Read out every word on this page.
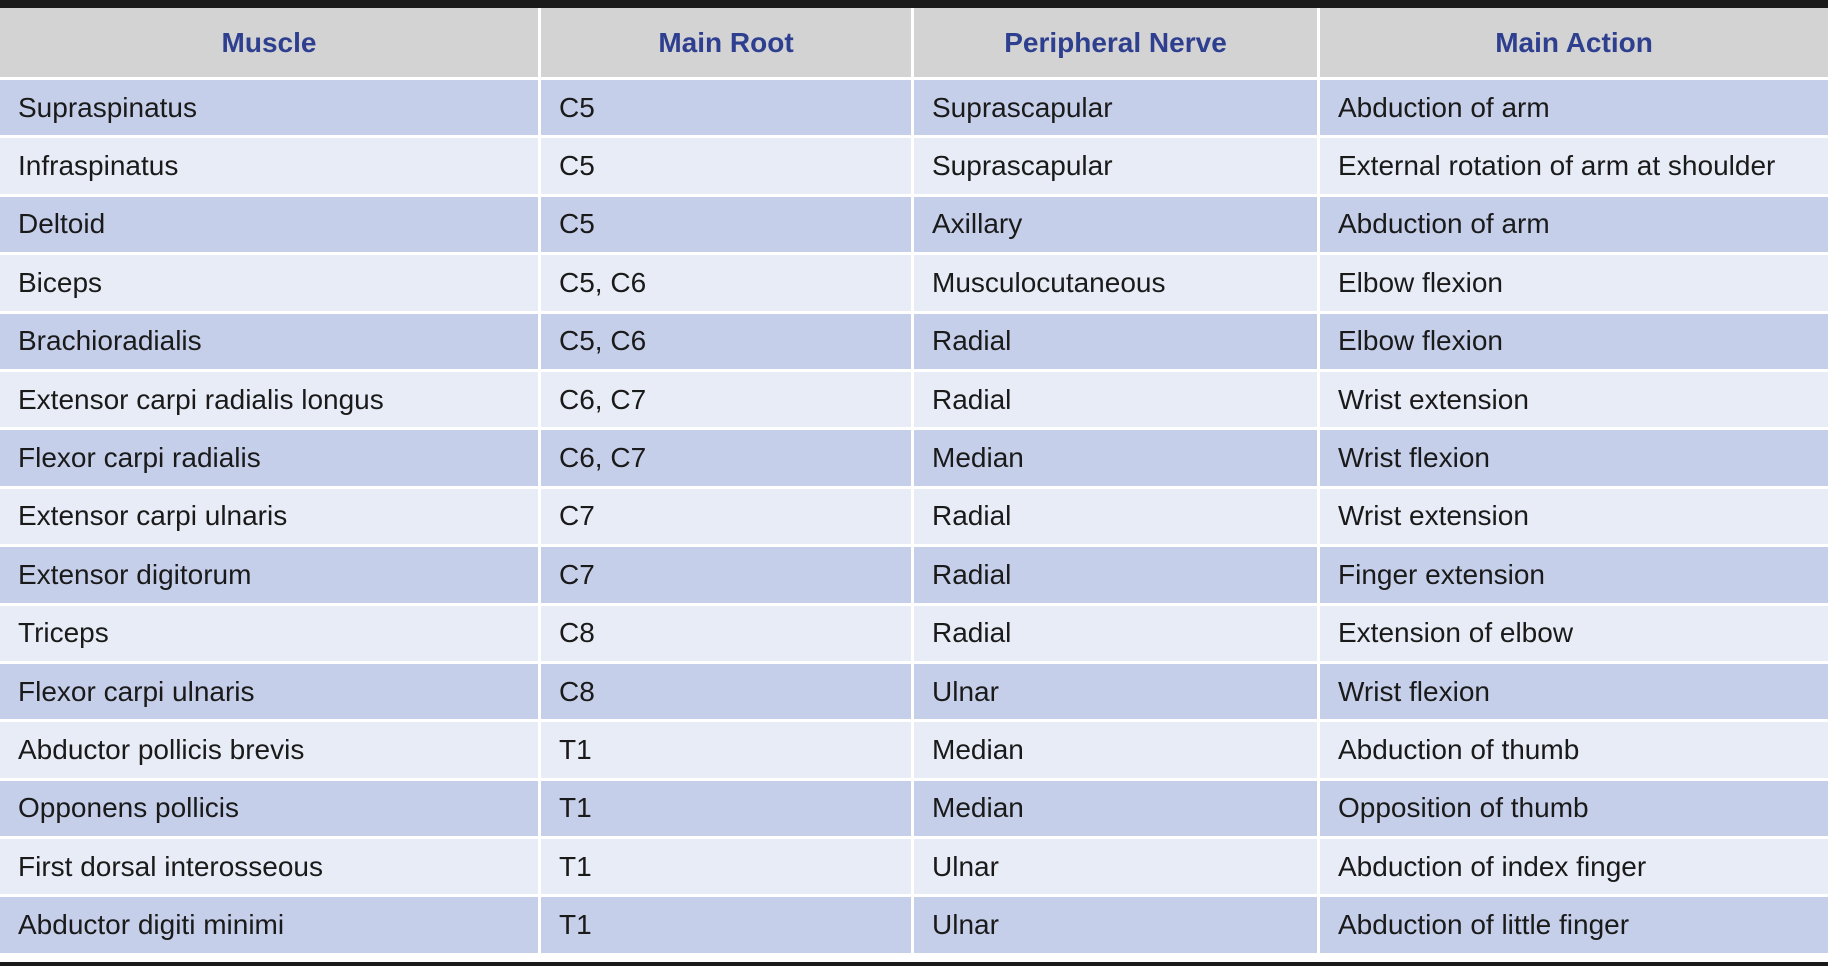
Muscle	Main Root	Peripheral Nerve	Main Action
Supraspinatus	C5	Suprascapular	Abduction of arm
Infraspinatus	C5	Suprascapular	External rotation of arm at shoulder
Deltoid	C5	Axillary	Abduction of arm
Biceps	C5, C6	Musculocutaneous	Elbow flexion
Brachioradialis	C5, C6	Radial	Elbow flexion
Extensor carpi radialis longus	C6, C7	Radial	Wrist extension
Flexor carpi radialis	C6, C7	Median	Wrist flexion
Extensor carpi ulnaris	C7	Radial	Wrist extension
Extensor digitorum	C7	Radial	Finger extension
Triceps	C8	Radial	Extension of elbow
Flexor carpi ulnaris	C8	Ulnar	Wrist flexion
Abductor pollicis brevis	T1	Median	Abduction of thumb
Opponens pollicis	T1	Median	Opposition of thumb
First dorsal interosseous	T1	Ulnar	Abduction of index finger
Abductor digiti minimi	T1	Ulnar	Abduction of little finger
